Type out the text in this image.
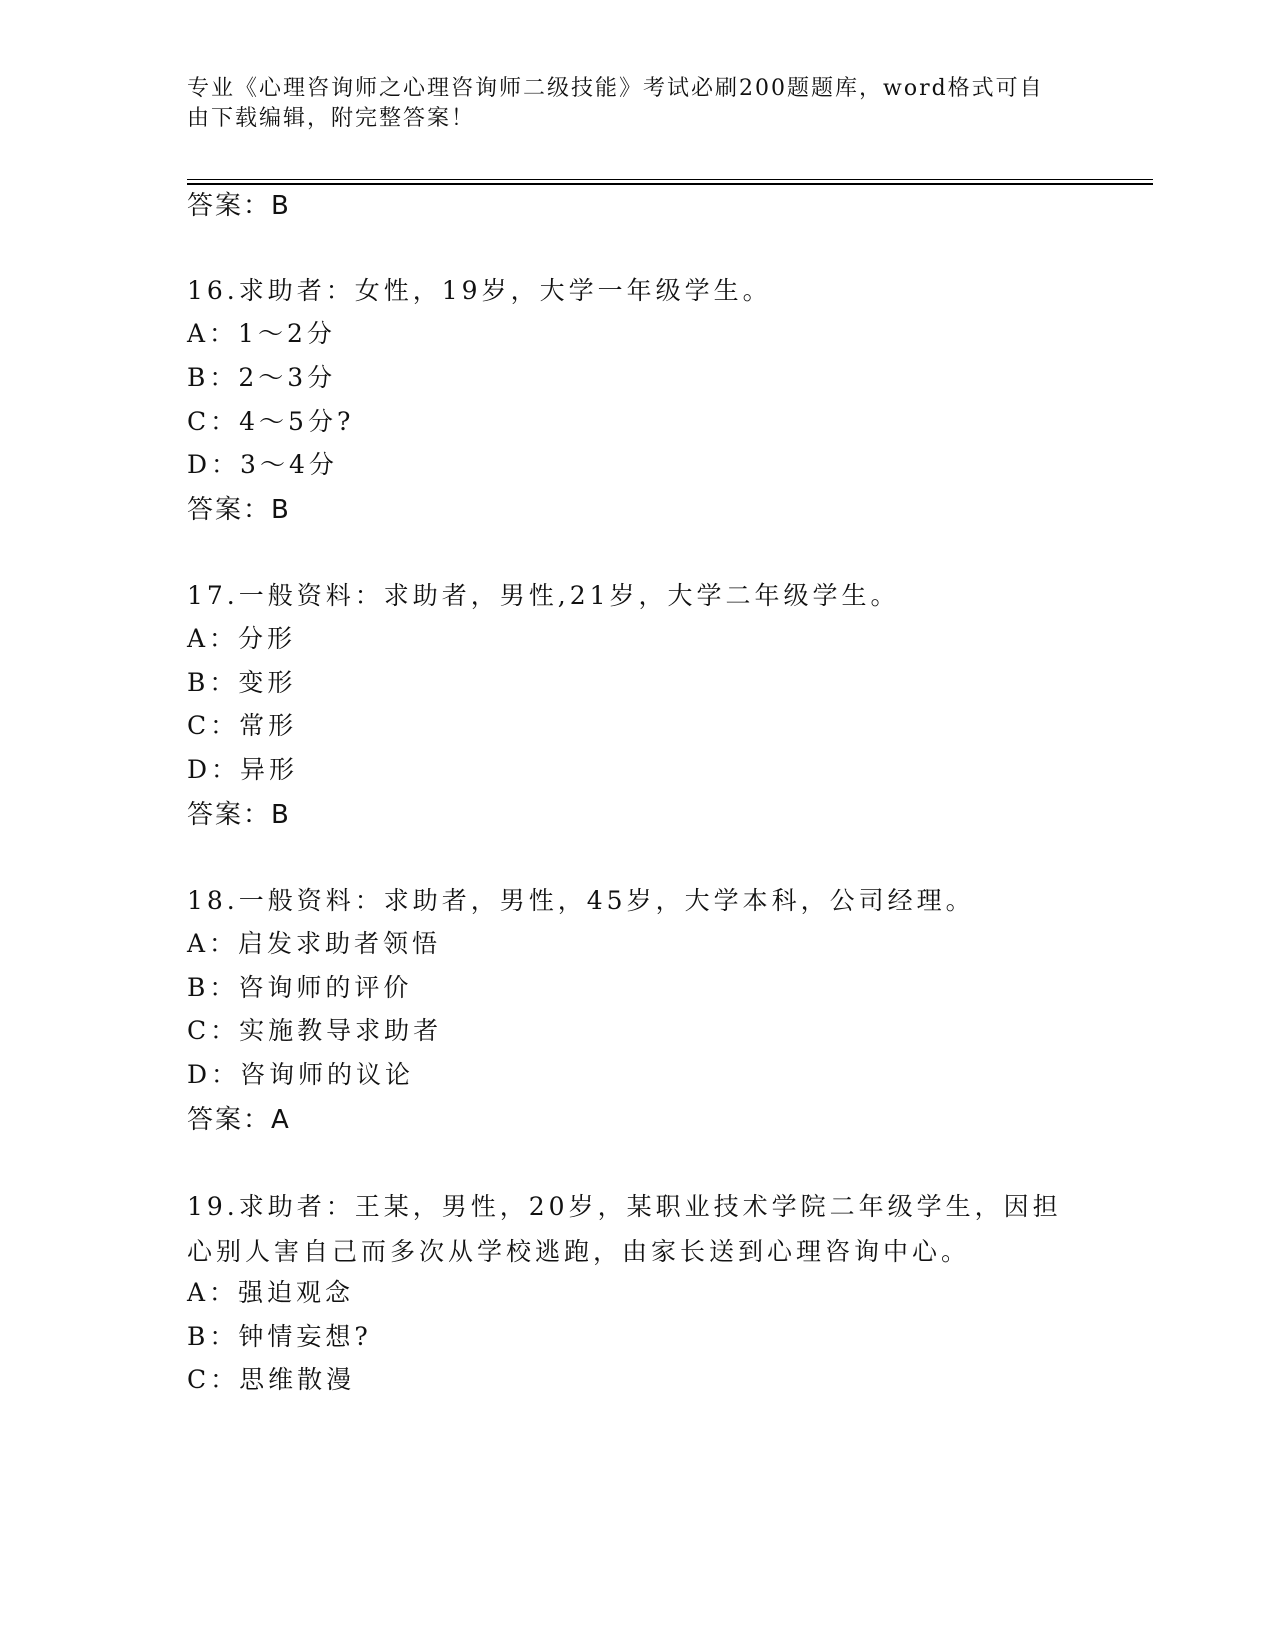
专业《心理咨询师之心理咨询师二级技能》考试必刷200题题库，word格式可自由下载编辑，附完整答案！

答案：B

16.求助者：女性，19岁，大学一年级学生。

A：1～2分

B：2～3分

C：4～5分?

D：3～4分

答案：B

17.一般资料：求助者，男性,21岁，大学二年级学生。

A：分形

B：变形

C：常形

D：异形

答案：B

18.一般资料：求助者，男性，45岁，大学本科，公司经理。

A：启发求助者领悟

B：咨询师的评价

C：实施教导求助者

D：咨询师的议论

答案：A

19.求助者：王某，男性，20岁，某职业技术学院二年级学生，因担心别人害自己而多次从学校逃跑，由家长送到心理咨询中心。

A：强迫观念

B：钟情妄想?

C：思维散漫
